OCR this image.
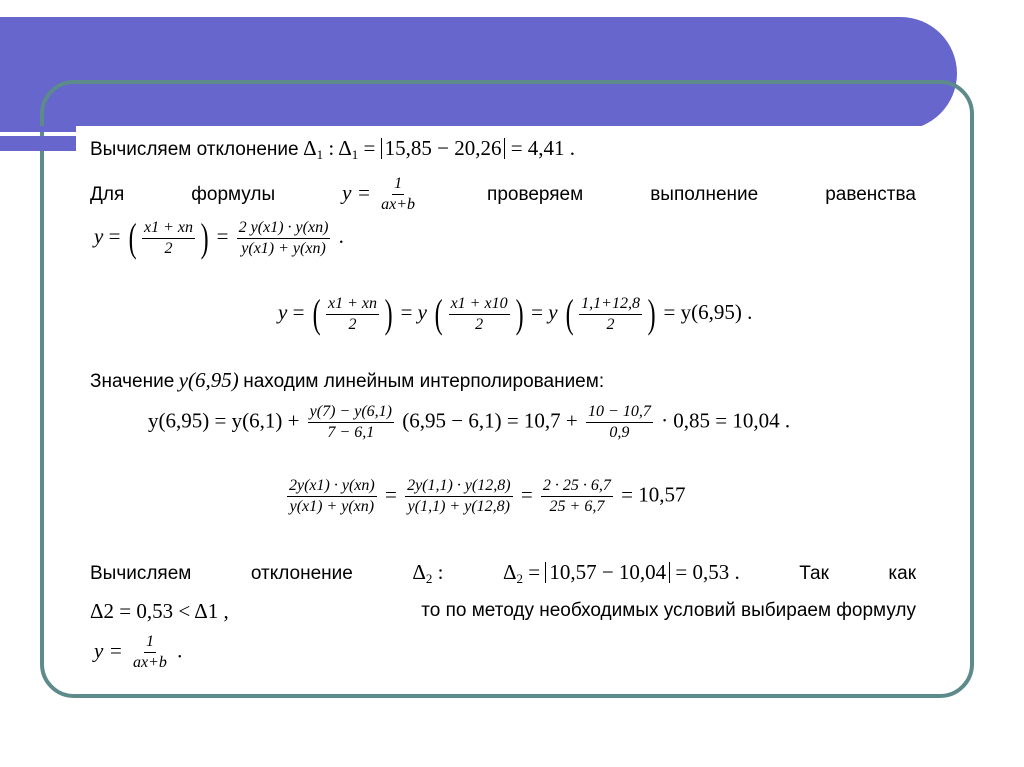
Вычисляем отклонение $\Delta_1$ : $\Delta_1 = 15,85 - 20,26 = 4,41$ .
Для	формулы	$y = \frac{1}{ax+b}$	проверяем	выполнение	равенства
y = ( $\frac{x1 + xn}{2}$ ) = $\frac{2 y(x1) \cdot y(xn)}{y(x1) + y(xn)}$ .
y = ( $\frac{x1 + xn}{2}$ ) = y ( $\frac{x1 + x10}{2}$ ) = y ( $\frac{1,1+12,8}{2}$ ) = y(6,95) .
Значение y(6,95) находим линейным интерполированием:
$y(6,95) = y(6,1) + \frac{y(7) - y(6,1)}{7 - 6,1} (6,95 - 6,1) = 10,7 + \frac{10 - 10,7}{0,9} \cdot 0,85 = 10,04$ .
$\frac{2y(x1) \cdot y(xn)}{y(x1) + y(xn)} = \frac{2y(1,1) \cdot y(12,8)}{y(1,1) + y(12,8)} = \frac{2 \cdot 25 \cdot 6,7}{25 + 6,7} = 10,57$
Вычисляем	отклонение	$\Delta_2$ :	$\Delta_2 = 10,57 - 10,04 = 0,53$ .	Так	как
Δ2 = 0,53 < Δ1 ,	то по методу необходимых условий выбираем формулу
$y = \frac{1}{ax+b}$ .
